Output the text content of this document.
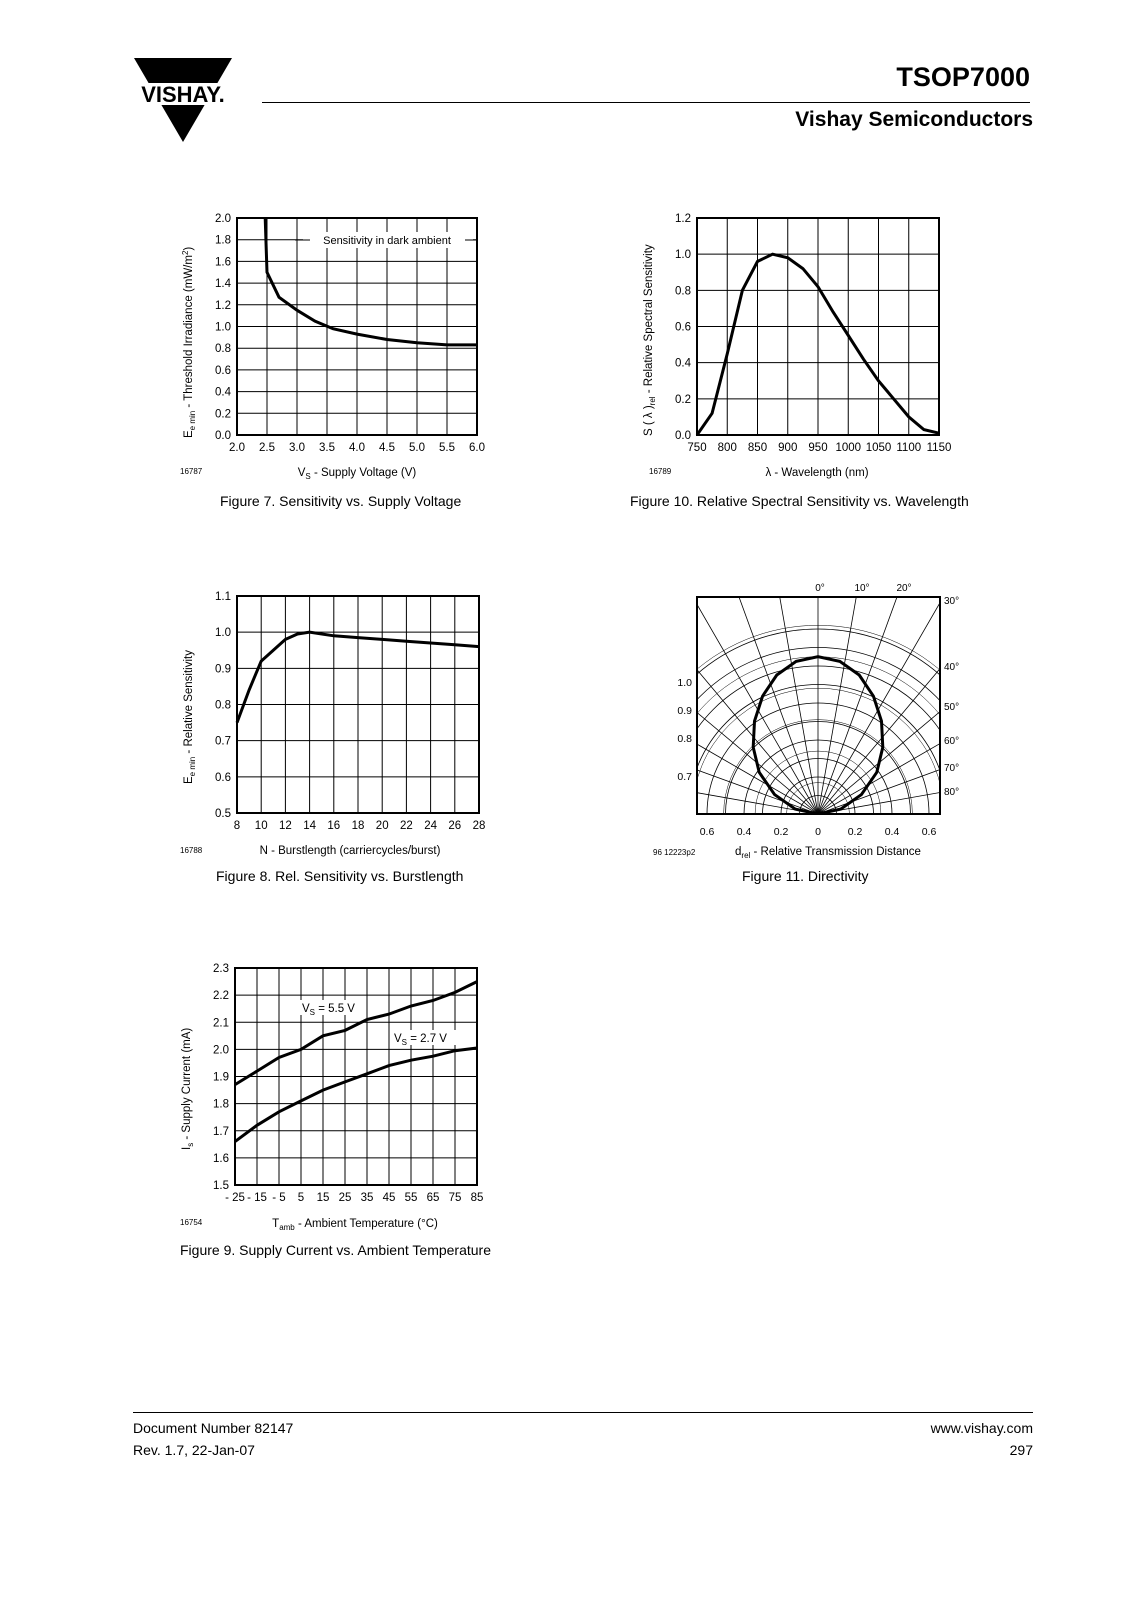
VISHAY.
TSOP7000
Vishay Semiconductors
2.0 2.5 3.0 3.5 4.0 4.5 5.0 5.5 6.0
0.0
0.2
0.4
0.6
0.8
1.0
1.2
1.4
1.6
1.8
2.0
Sensitivity in dark ambient
$E_{e min}$ - Threshold Irradiance $(mW/m^2)$
$V_S$ - Supply Voltage (V)
16787
Figure 7. Sensitivity vs. Supply Voltage
750 800 850 900 950 1000 1050 1100 1150
0.0
0.2
0.4
0.6
0.8
1.0
1.2
S ( λ )$_{rel}$ - Relative Spectral Sensitivity
λ - Wavelength (nm)
16789
Figure 10. Relative Spectral Sensitivity vs. Wavelength
8 10 12 14 16 18 20 22 24 26 28
0.5
0.6
0.7
0.8
0.9
1.0
1.1
$E_{e min}$ - Relative Sensitivity
N - Burstlength (carriercycles/burst)
16788
Figure 8. Rel. Sensitivity vs. Burstlength
0.6 0.4 0.2	0	0.2 0.4 0.6
1.0
0.9
0.8
0.7
0°	10°	20°
30°
40°
50°
60°
70°
80°
$d_{rel}$ - Relative Transmission Distance
96 12223p2
Figure 11. Directivity
- 25 - 15 - 5 5 15 25 35 45 55 65 75 85
1.5
1.6
1.7
1.8
1.9
2.0
2.1
2.2
2.3
$V_S = 5.5$ V
$V_S = 2.7$ V
$I_s$ - Supply Current (mA)
$T_{amb}$ - Ambient Temperature (°C)
16754
Figure 9. Supply Current vs. Ambient Temperature
Document Number 82147
Rev. 1.7, 22-Jan-07
www.vishay.com
297
